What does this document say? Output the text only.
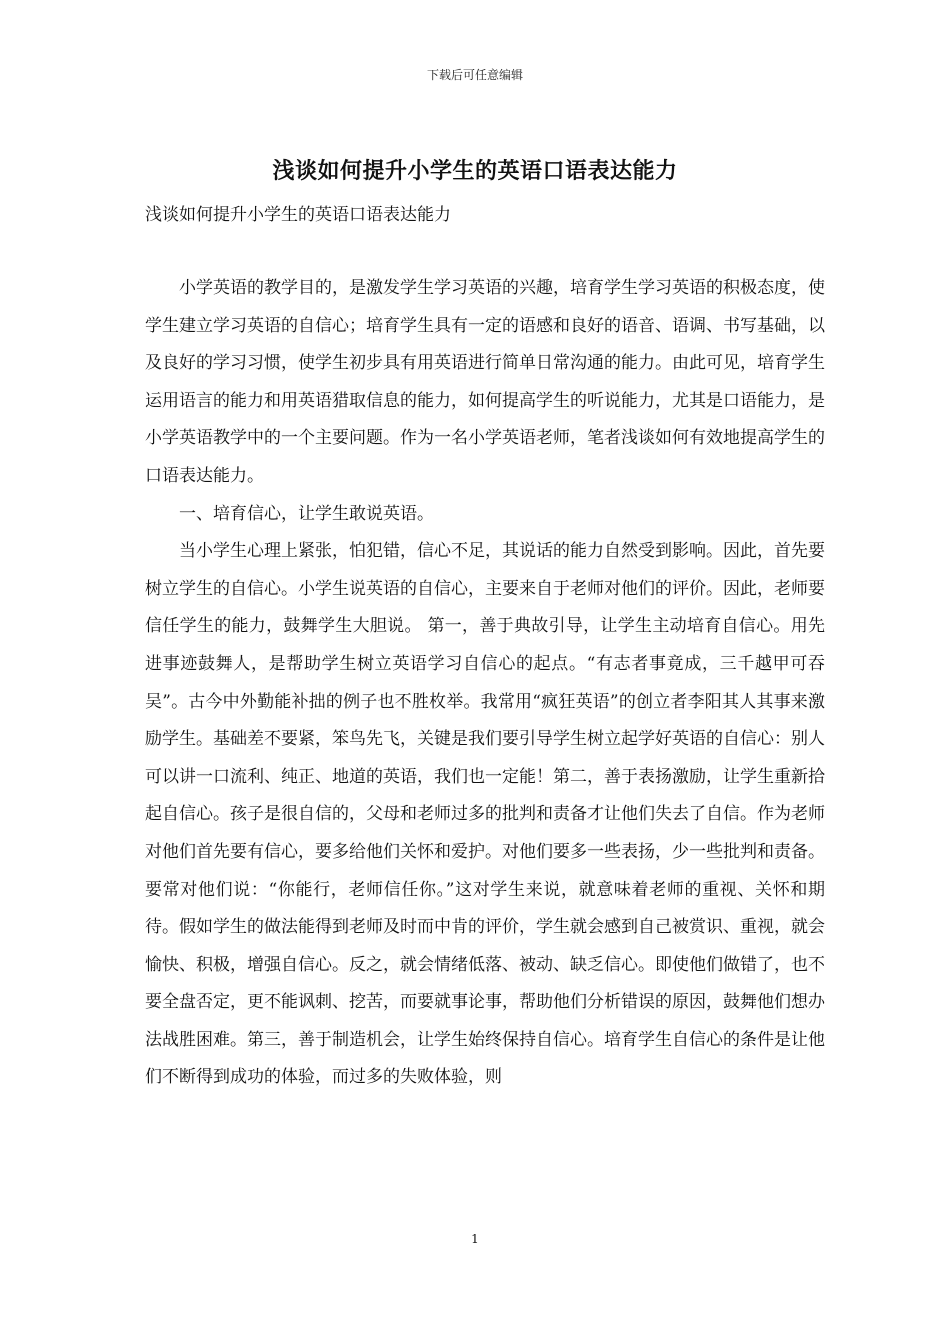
下载后可任意编辑
浅谈如何提升小学生的英语口语表达能力
浅谈如何提升小学生的英语口语表达能力

小学英语的教学目的，是激发学生学习英语的兴趣，培育学生学习英语的积极态度，使学生建立学习英语的自信心；培育学生具有一定的语感和良好的语音、语调、书写基础，以及良好的学习习惯，使学生初步具有用英语进行简单日常沟通的能力。由此可见，培育学生运用语言的能力和用英语猎取信息的能力，如何提高学生的听说能力，尤其是口语能力，是小学英语教学中的一个主要问题。作为一名小学英语老师，笔者浅谈如何有效地提高学生的口语表达能力。

一、培育信心，让学生敢说英语。

当小学生心理上紧张，怕犯错，信心不足，其说话的能力自然受到影响。因此，首先要树立学生的自信心。小学生说英语的自信心，主要来自于老师对他们的评价。因此，老师要信任学生的能力，鼓舞学生大胆说。 第一，善于典故引导，让学生主动培育自信心。用先进事迹鼓舞人，是帮助学生树立英语学习自信心的起点。“有志者事竟成，三千越甲可吞吴”。古今中外勤能补拙的例子也不胜枚举。我常用“疯狂英语”的创立者李阳其人其事来激励学生。基础差不要紧，笨鸟先飞，关键是我们要引导学生树立起学好英语的自信心：别人可以讲一口流利、纯正、地道的英语，我们也一定能！第二，善于表扬激励，让学生重新拾起自信心。孩子是很自信的，父母和老师过多的批判和责备才让他们失去了自信。作为老师对他们首先要有信心，要多给他们关怀和爱护。对他们要多一些表扬，少一些批判和责备。要常对他们说：“你能行，老师信任你。”这对学生来说，就意味着老师的重视、关怀和期待。假如学生的做法能得到老师及时而中肯的评价，学生就会感到自己被赏识、重视，就会愉快、积极，增强自信心。反之，就会情绪低落、被动、缺乏信心。即使他们做错了，也不要全盘否定，更不能讽刺、挖苦，而要就事论事，帮助他们分析错误的原因，鼓舞他们想办法战胜困难。第三，善于制造机会，让学生始终保持自信心。培育学生自信心的条件是让他们不断得到成功的体验，而过多的失败体验，则

1
